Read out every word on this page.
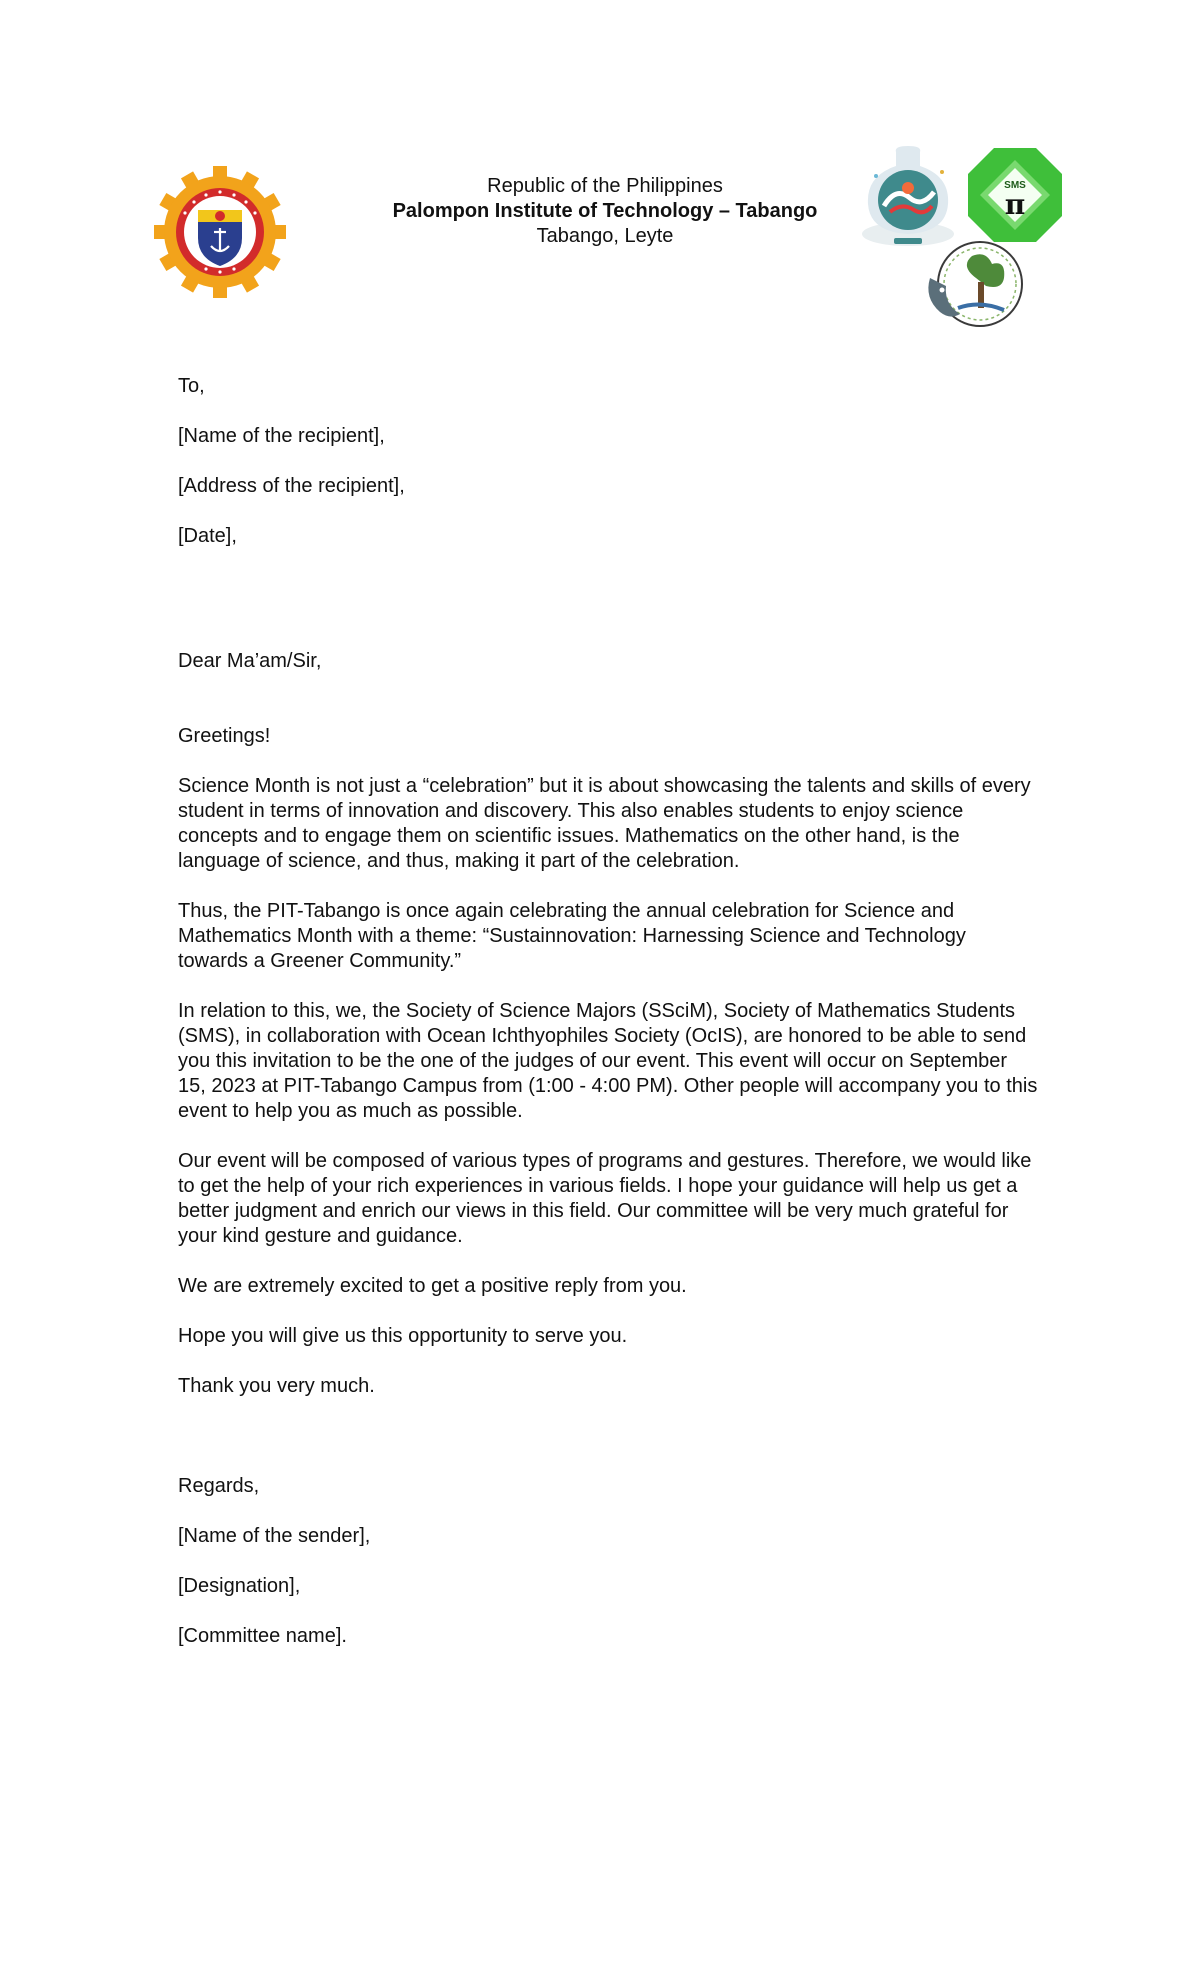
Republic of the Philippines
Palompon Institute of Technology – Tabango
Tabango, Leyte
SMS
π

To,

[Name of the recipient],

[Address of the recipient],

[Date],

Dear Ma’am/Sir,

Greetings!

Science Month is not just a “celebration” but it is about showcasing the talents and skills of every student in terms of innovation and discovery. This also enables students to enjoy science concepts and to engage them on scientific issues. Mathematics on the other hand, is the language of science, and thus, making it part of the celebration.

Thus, the PIT-Tabango is once again celebrating the annual celebration for Science and Mathematics Month with a theme: “Sustainnovation: Harnessing Science and Technology towards a Greener Community.”

In relation to this, we, the Society of Science Majors (SSciM), Society of Mathematics Students (SMS), in collaboration with Ocean Ichthyophiles Society (OcIS), are honored to be able to send you this invitation to be the one of the judges of our event. This event will occur on September 15, 2023 at PIT-Tabango Campus from (1:00 - 4:00 PM). Other people will accompany you to this event to help you as much as possible.

Our event will be composed of various types of programs and gestures. Therefore, we would like to get the help of your rich experiences in various fields. I hope your guidance will help us get a better judgment and enrich our views in this field. Our committee will be very much grateful for your kind gesture and guidance.

We are extremely excited to get a positive reply from you.

Hope you will give us this opportunity to serve you.

Thank you very much.

Regards,

[Name of the sender],

[Designation],

[Committee name].
